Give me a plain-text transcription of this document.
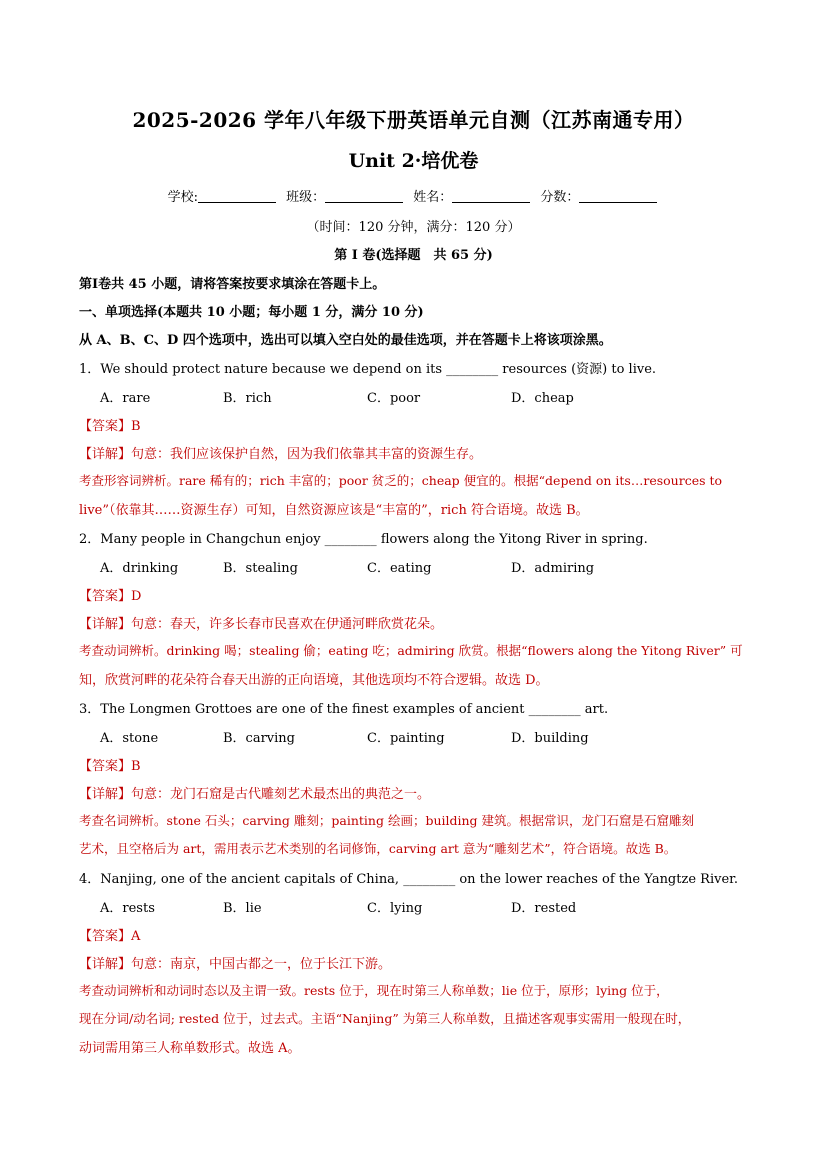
2025-2026 学年八年级下册英语单元自测（江苏南通专用）
Unit 2·培优卷
学校:	班级：	姓名：	分数：
（时间：120 分钟，满分：120 分）
第 I 卷(选择题　共 65 分)
第I卷共 45 小题，请将答案按要求填涂在答题卡上。
一、单项选择(本题共 10 小题；每小题 1 分，满分 10 分)
从 A、B、C、D 四个选项中，选出可以填入空白处的最佳选项，并在答题卡上将该项涂黑。
1．We should protect nature because we depend on its ________ resources (资源) to live.
A．rare	B．rich	C．poor	D．cheap
【答案】B
【详解】句意：我们应该保护自然，因为我们依靠其丰富的资源生存。
考查形容词辨析。rare 稀有的；rich 丰富的；poor 贫乏的；cheap 便宜的。根据“depend on its…resources to
live”（依靠其……资源生存）可知，自然资源应该是“丰富的”，rich 符合语境。故选 B。
2．Many people in Changchun enjoy ________ flowers along the Yitong River in spring.
A．drinking	B．stealing	C．eating	D．admiring
【答案】D
【详解】句意：春天，许多长春市民喜欢在伊通河畔欣赏花朵。
考查动词辨析。drinking 喝；stealing 偷；eating 吃；admiring 欣赏。根据“flowers along the Yitong River” 可
知，欣赏河畔的花朵符合春天出游的正向语境，其他选项均不符合逻辑。故选 D。
3．The Longmen Grottoes are one of the finest examples of ancient ________ art.
A．stone	B．carving	C．painting	D．building
【答案】B
【详解】句意：龙门石窟是古代雕刻艺术最杰出的典范之一。
考查名词辨析。stone 石头；carving 雕刻；painting 绘画；building 建筑。根据常识，龙门石窟是石窟雕刻
艺术，且空格后为 art，需用表示艺术类别的名词修饰，carving art 意为“雕刻艺术”，符合语境。故选 B。
4．Nanjing, one of the ancient capitals of China, ________ on the lower reaches of the Yangtze River.
A．rests	B．lie	C．lying	D．rested
【答案】A
【详解】句意：南京，中国古都之一，位于长江下游。
考查动词辨析和动词时态以及主谓一致。rests 位于，现在时第三人称单数；lie 位于，原形；lying 位于，
现在分词/动名词; rested 位于，过去式。主语“Nanjing” 为第三人称单数，且描述客观事实需用一般现在时，
动词需用第三人称单数形式。故选 A。
